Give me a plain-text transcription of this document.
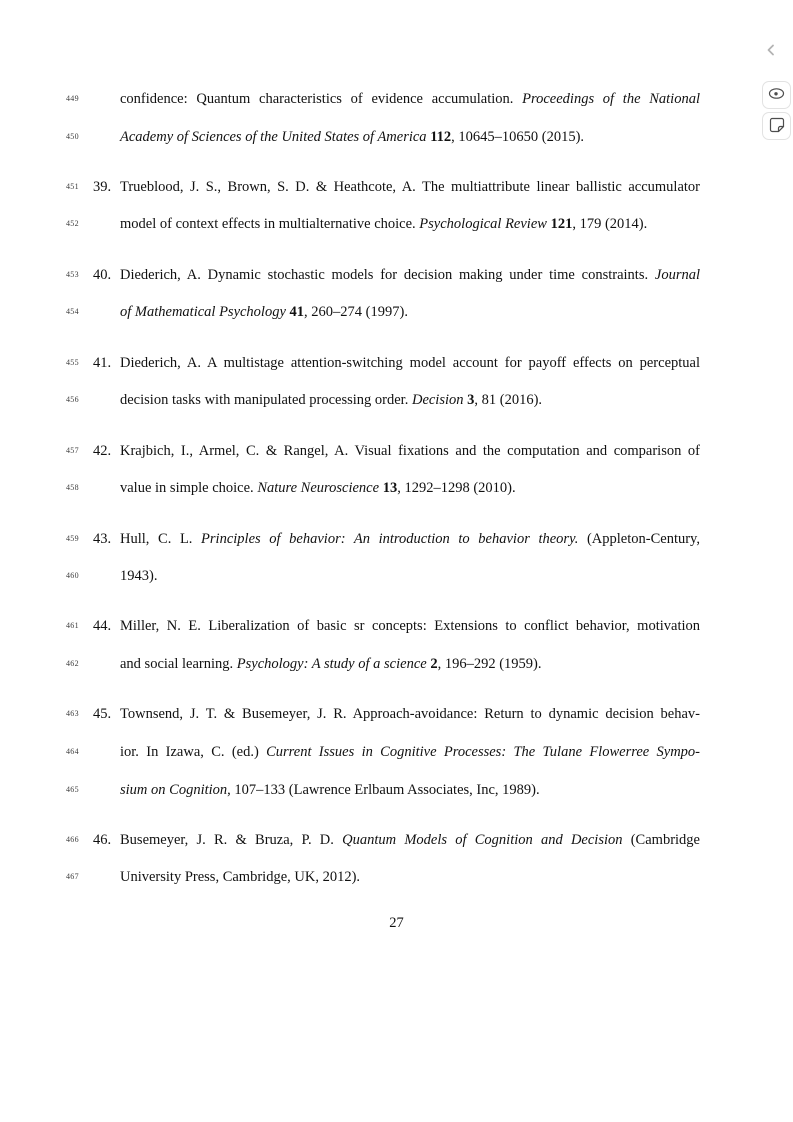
449	confidence: Quantum characteristics of evidence accumulation. Proceedings of the National
450	Academy of Sciences of the United States of America 112, 10645–10650 (2015).
451 39. Trueblood, J. S., Brown, S. D. & Heathcote, A. The multiattribute linear ballistic accumulator
452	model of context effects in multialternative choice. Psychological Review 121, 179 (2014).
453 40. Diederich, A. Dynamic stochastic models for decision making under time constraints. Journal
454	of Mathematical Psychology 41, 260–274 (1997).
455 41. Diederich, A. A multistage attention-switching model account for payoff effects on perceptual
456	decision tasks with manipulated processing order. Decision 3, 81 (2016).
457 42. Krajbich, I., Armel, C. & Rangel, A. Visual fixations and the computation and comparison of
458	value in simple choice. Nature Neuroscience 13, 1292–1298 (2010).
459 43. Hull, C. L. Principles of behavior: An introduction to behavior theory. (Appleton-Century,
460	1943).
461 44. Miller, N. E. Liberalization of basic sr concepts: Extensions to conflict behavior, motivation
462	and social learning. Psychology: A study of a science 2, 196–292 (1959).
463 45. Townsend, J. T. & Busemeyer, J. R. Approach-avoidance: Return to dynamic decision behav-
464	ior. In Izawa, C. (ed.) Current Issues in Cognitive Processes: The Tulane Flowerree Sympo-
465	sium on Cognition, 107–133 (Lawrence Erlbaum Associates, Inc, 1989).
466 46. Busemeyer, J. R. & Bruza, P. D. Quantum Models of Cognition and Decision (Cambridge
467	University Press, Cambridge, UK, 2012).
27
